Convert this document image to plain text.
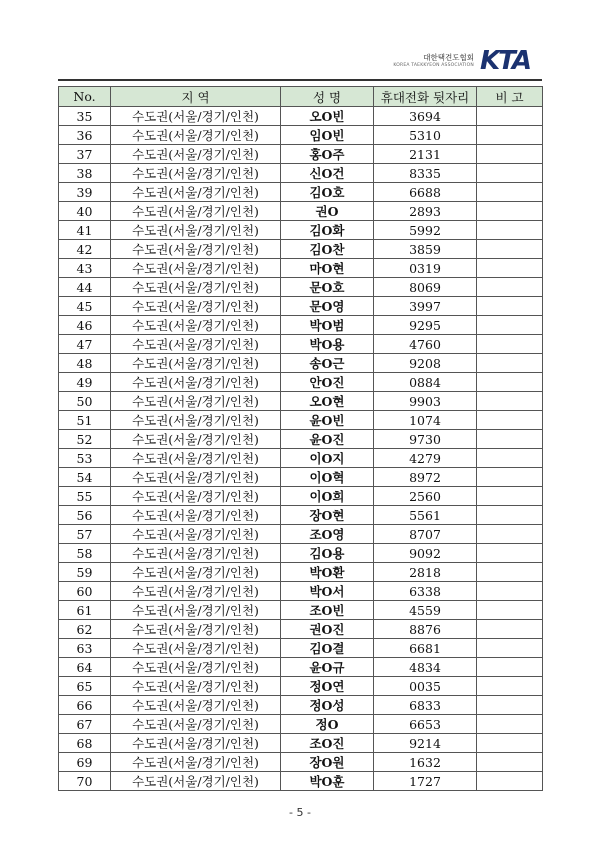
대한택견도협회
KOREA TAEKKYEON ASSOCIATION KTA
No.	지 역	성 명	휴대전화 뒷자리	비 고
35	수도권(서울/경기/인천)	오O빈	3694	
36	수도권(서울/경기/인천)	임O빈	5310	
37	수도권(서울/경기/인천)	홍O주	2131	
38	수도권(서울/경기/인천)	신O건	8335	
39	수도권(서울/경기/인천)	김O호	6688	
40	수도권(서울/경기/인천)	권O	2893	
41	수도권(서울/경기/인천)	김O화	5992	
42	수도권(서울/경기/인천)	김O찬	3859	
43	수도권(서울/경기/인천)	마O현	0319	
44	수도권(서울/경기/인천)	문O호	8069	
45	수도권(서울/경기/인천)	문O영	3997	
46	수도권(서울/경기/인천)	박O범	9295	
47	수도권(서울/경기/인천)	박O용	4760	
48	수도권(서울/경기/인천)	송O근	9208	
49	수도권(서울/경기/인천)	안O진	0884	
50	수도권(서울/경기/인천)	오O현	9903	
51	수도권(서울/경기/인천)	윤O빈	1074	
52	수도권(서울/경기/인천)	윤O진	9730	
53	수도권(서울/경기/인천)	이O지	4279	
54	수도권(서울/경기/인천)	이O혁	8972	
55	수도권(서울/경기/인천)	이O희	2560	
56	수도권(서울/경기/인천)	장O현	5561	
57	수도권(서울/경기/인천)	조O영	8707	
58	수도권(서울/경기/인천)	김O용	9092	
59	수도권(서울/경기/인천)	박O환	2818	
60	수도권(서울/경기/인천)	박O서	6338	
61	수도권(서울/경기/인천)	조O빈	4559	
62	수도권(서울/경기/인천)	권O진	8876	
63	수도권(서울/경기/인천)	김O결	6681	
64	수도권(서울/경기/인천)	윤O규	4834	
65	수도권(서울/경기/인천)	정O연	0035	
66	수도권(서울/경기/인천)	정O성	6833	
67	수도권(서울/경기/인천)	정O	6653	
68	수도권(서울/경기/인천)	조O진	9214	
69	수도권(서울/경기/인천)	장O원	1632	
70	수도권(서울/경기/인천)	박O훈	1727	
- 5 -
